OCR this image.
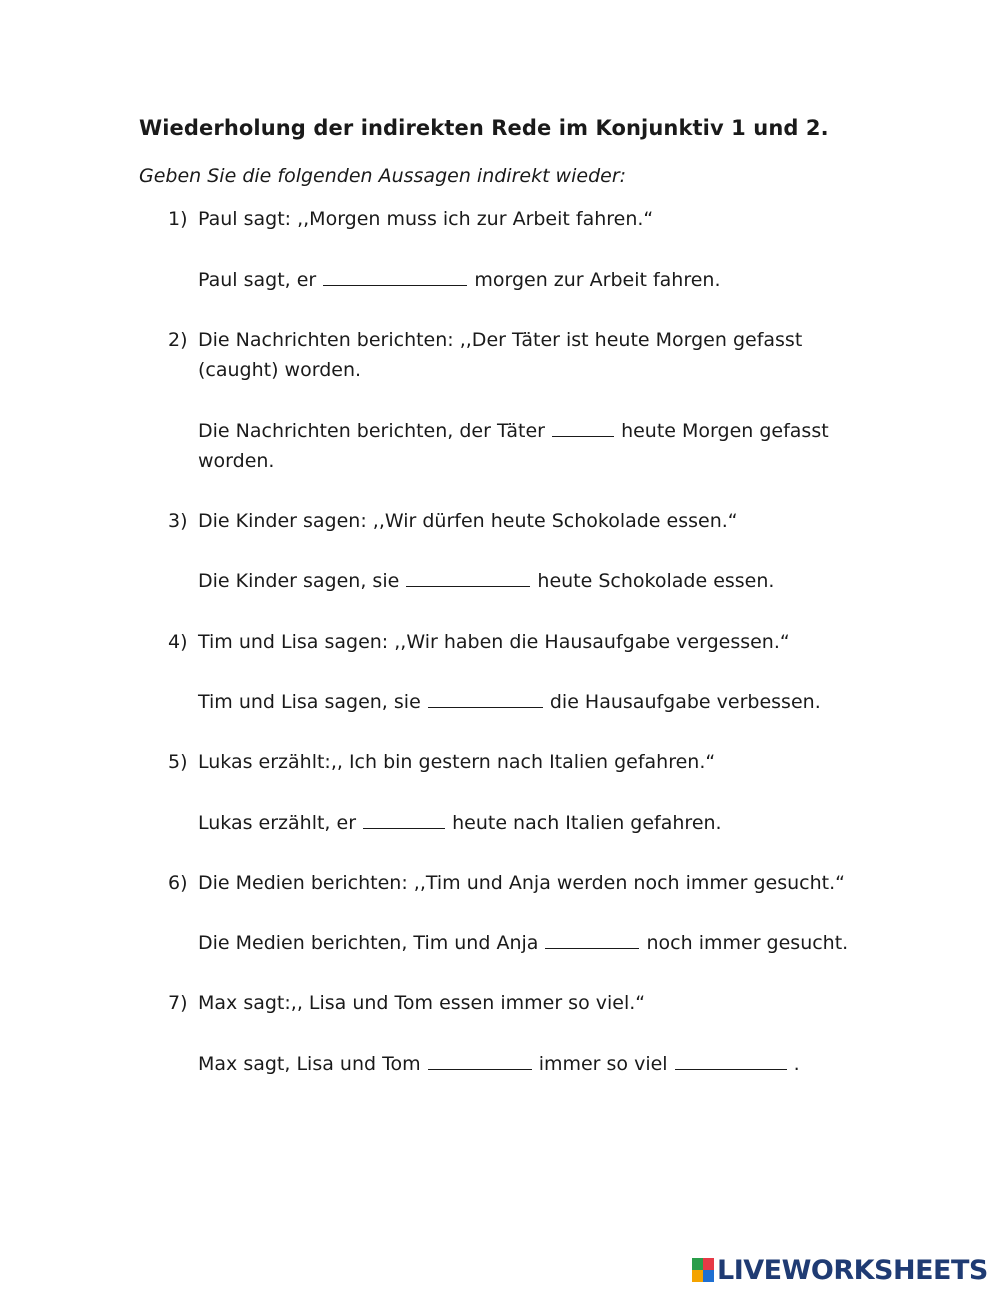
Wiederholung der indirekten Rede im Konjunktiv 1 und 2.
Geben Sie die folgenden Aussagen indirekt wieder:
1) Paul sagt: ,,Morgen muss ich zur Arbeit fahren.“
Paul sagt, er	morgen zur Arbeit fahren.
2) Die Nachrichten berichten: ,,Der Täter ist heute Morgen gefasst
(caught) worden.
Die Nachrichten berichten, der Täter	heute Morgen gefasst
worden.
3) Die Kinder sagen: ,,Wir dürfen heute Schokolade essen.“
Die Kinder sagen, sie	heute Schokolade essen.
4) Tim und Lisa sagen: ,,Wir haben die Hausaufgabe vergessen.“
Tim und Lisa sagen, sie	die Hausaufgabe verbessen.
5) Lukas erzählt:,, Ich bin gestern nach Italien gefahren.“
Lukas erzählt, er	heute nach Italien gefahren.
6) Die Medien berichten: ,,Tim und Anja werden noch immer gesucht.“
Die Medien berichten, Tim und Anja	noch immer gesucht.
7) Max sagt:,, Lisa und Tom essen immer so viel.“
Max sagt, Lisa und Tom	immer so viel	.
LIVEWORKSHEETS
